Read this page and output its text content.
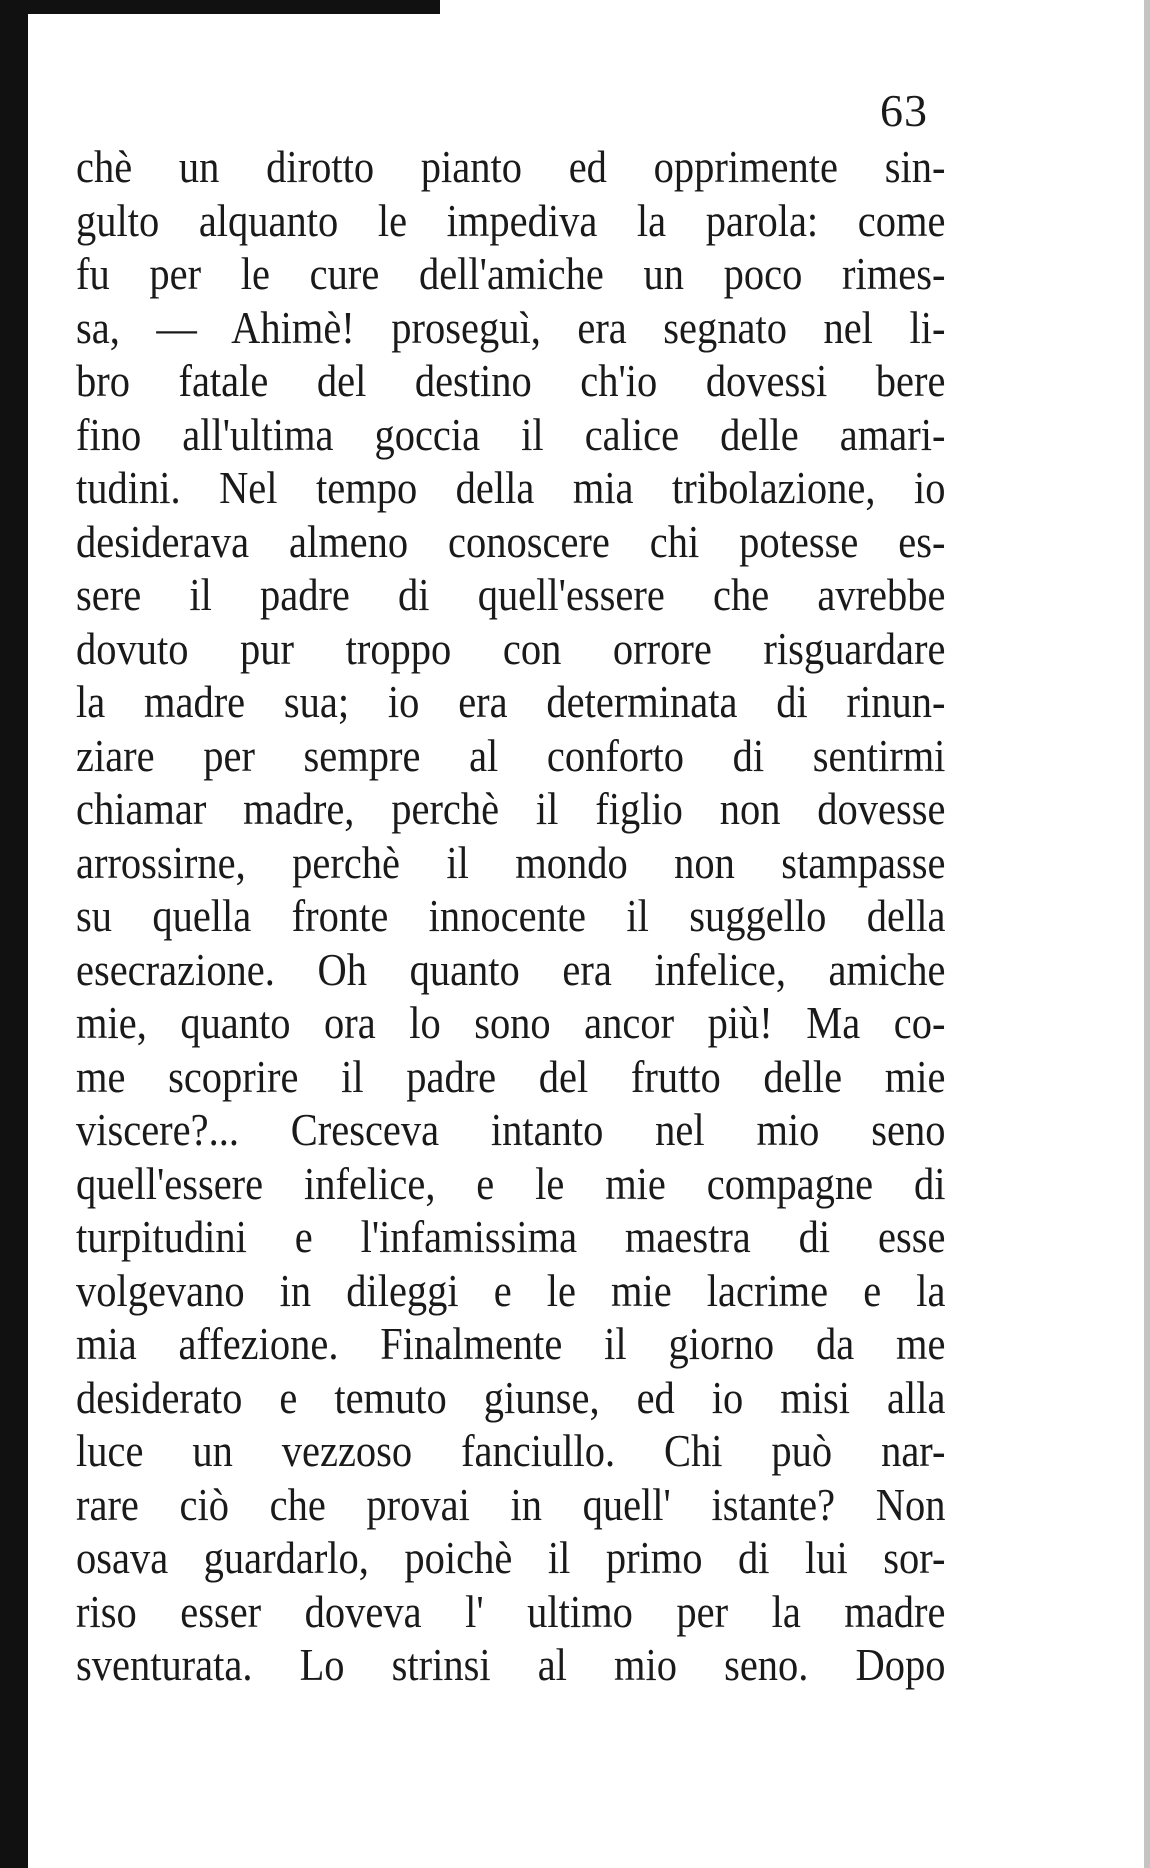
63
chè un dirotto pianto ed opprimente sin-
gulto alquanto le impediva la parola: come
fu per le cure dell'amiche un poco rimes-
sa, — Ahimè! proseguì, era segnato nel li-
bro fatale del destino ch'io dovessi bere
fino all'ultima goccia il calice delle amari-
tudini. Nel tempo della mia tribolazione, io
desiderava almeno conoscere chi potesse es-
sere il padre di quell'essere che avrebbe
dovuto pur troppo con orrore risguardare
la madre sua; io era determinata di rinun-
ziare per sempre al conforto di sentirmi
chiamar madre, perchè il figlio non dovesse
arrossirne, perchè il mondo non stampasse
su quella fronte innocente il suggello della
esecrazione. Oh quanto era infelice, amiche
mie, quanto ora lo sono ancor più! Ma co-
me scoprire il padre del frutto delle mie
viscere?... Cresceva intanto nel mio seno
quell'essere infelice, e le mie compagne di
turpitudini e l'infamissima maestra di esse
volgevano in dileggi e le mie lacrime e la
mia affezione. Finalmente il giorno da me
desiderato e temuto giunse, ed io misi alla
luce un vezzoso fanciullo. Chi può nar-
rare ciò che provai in quell' istante? Non
osava guardarlo, poichè il primo di lui sor-
riso esser doveva l' ultimo per la madre
sventurata. Lo strinsi al mio seno. Dopo
